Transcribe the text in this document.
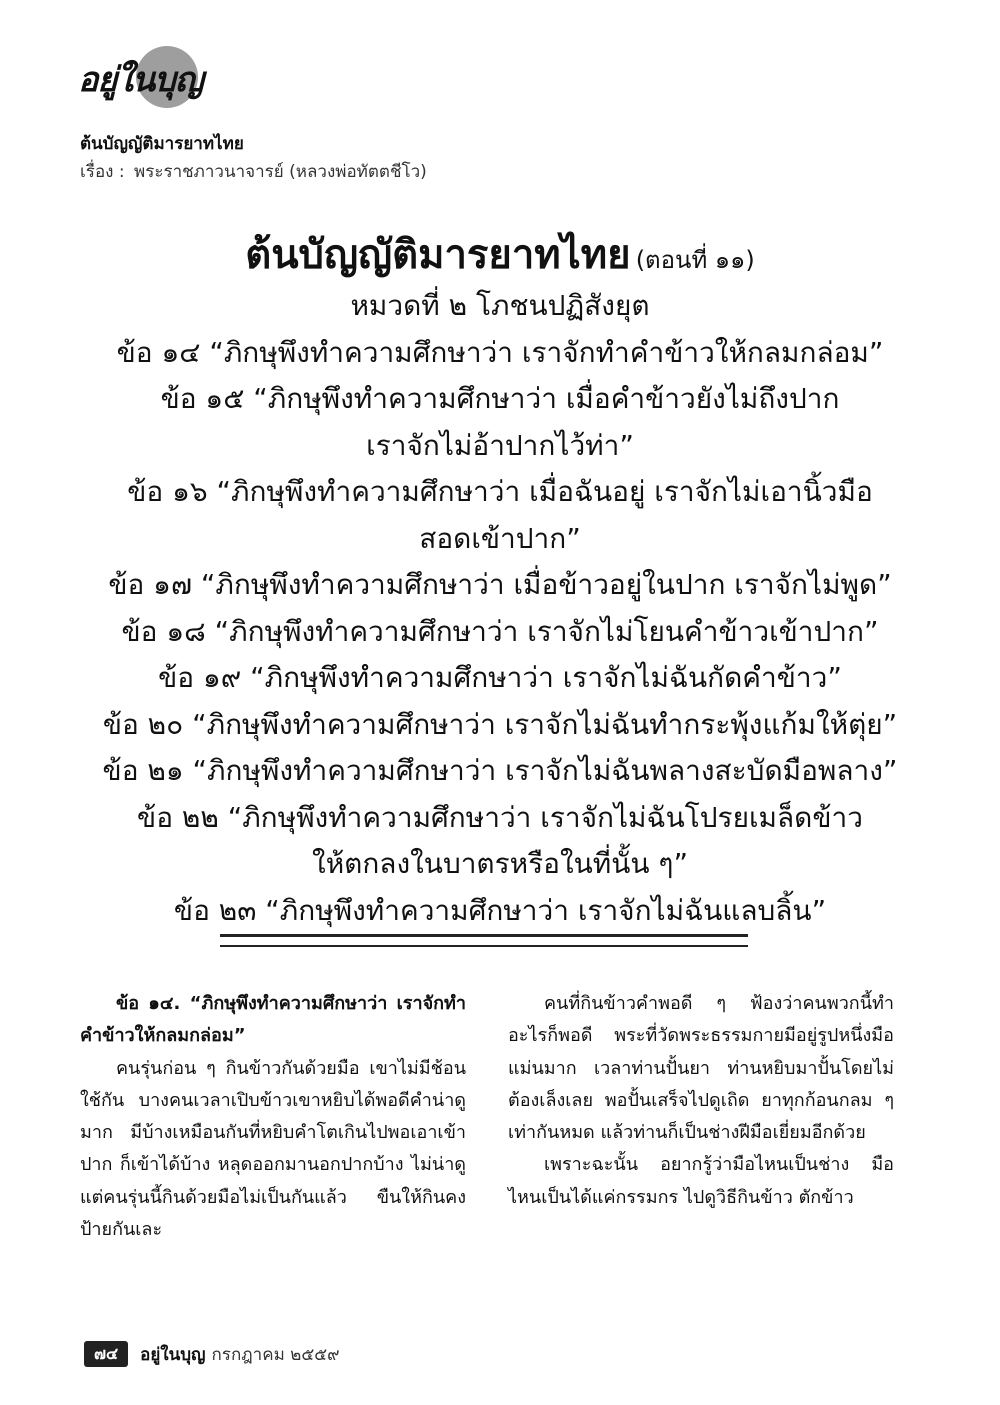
อยู่ในบุญ
ต้นบัญญัติมารยาทไทย
เรื่อง : พระราชภาวนาจารย์ (หลวงพ่อทัตตชีโว)
ต้นบัญญัติมารยาทไทย (ตอนที่ ๑๑)
หมวดที่ ๒ โภชนปฏิสังยุต
ข้อ ๑๔ “ภิกษุพึงทำความศึกษาว่า เราจักทำคำข้าวให้กลมกล่อม”
ข้อ ๑๕ “ภิกษุพึงทำความศึกษาว่า เมื่อคำข้าวยังไม่ถึงปาก
เราจักไม่อ้าปากไว้ท่า”
ข้อ ๑๖ “ภิกษุพึงทำความศึกษาว่า เมื่อฉันอยู่ เราจักไม่เอานิ้วมือ
สอดเข้าปาก”
ข้อ ๑๗ “ภิกษุพึงทำความศึกษาว่า เมื่อข้าวอยู่ในปาก เราจักไม่พูด”
ข้อ ๑๘ “ภิกษุพึงทำความศึกษาว่า เราจักไม่โยนคำข้าวเข้าปาก”
ข้อ ๑๙ “ภิกษุพึงทำความศึกษาว่า เราจักไม่ฉันกัดคำข้าว”
ข้อ ๒๐ “ภิกษุพึงทำความศึกษาว่า เราจักไม่ฉันทำกระพุ้งแก้มให้ตุ่ย”
ข้อ ๒๑ “ภิกษุพึงทำความศึกษาว่า เราจักไม่ฉันพลางสะบัดมือพลาง”
ข้อ ๒๒ “ภิกษุพึงทำความศึกษาว่า เราจักไม่ฉันโปรยเมล็ดข้าว
ให้ตกลงในบาตรหรือในที่นั้น ๆ”
ข้อ ๒๓ “ภิกษุพึงทำความศึกษาว่า เราจักไม่ฉันแลบลิ้น”

ข้อ ๑๔. “ภิกษุพึงทำความศึกษาว่า เราจักทำคำข้าวให้กลมกล่อม”

คนรุ่นก่อน ๆ กินข้าวกันด้วยมือ เขาไม่มีช้อนใช้กัน บางคนเวลาเปิบข้าวเขาหยิบได้พอดีคำน่าดูมาก มีบ้างเหมือนกันที่หยิบคำโตเกินไปพอเอาเข้าปาก ก็เข้าได้บ้าง หลุดออกมานอกปากบ้าง ไม่น่าดู แต่คนรุ่นนี้กินด้วยมือไม่เป็นกันแล้ว ขืนให้กินคงป้ายกันเละ

คนที่กินข้าวคำพอดี ๆ ฟ้องว่าคนพวกนี้ทำอะไรก็พอดี พระที่วัดพระธรรมกายมีอยู่รูปหนึ่งมือแม่นมาก เวลาท่านปั้นยา ท่านหยิบมาปั้นโดยไม่ต้องเล็งเลย พอปั้นเสร็จไปดูเถิด ยาทุกก้อนกลม ๆ เท่ากันหมด แล้วท่านก็เป็นช่างฝีมือเยี่ยมอีกด้วย

เพราะฉะนั้น อยากรู้ว่ามือไหนเป็นช่าง มือไหนเป็นได้แค่กรรมกร ไปดูวิธีกินข้าว ตักข้าว

๗๔	อยู่ในบุญ กรกฎาคม ๒๕๕๙
